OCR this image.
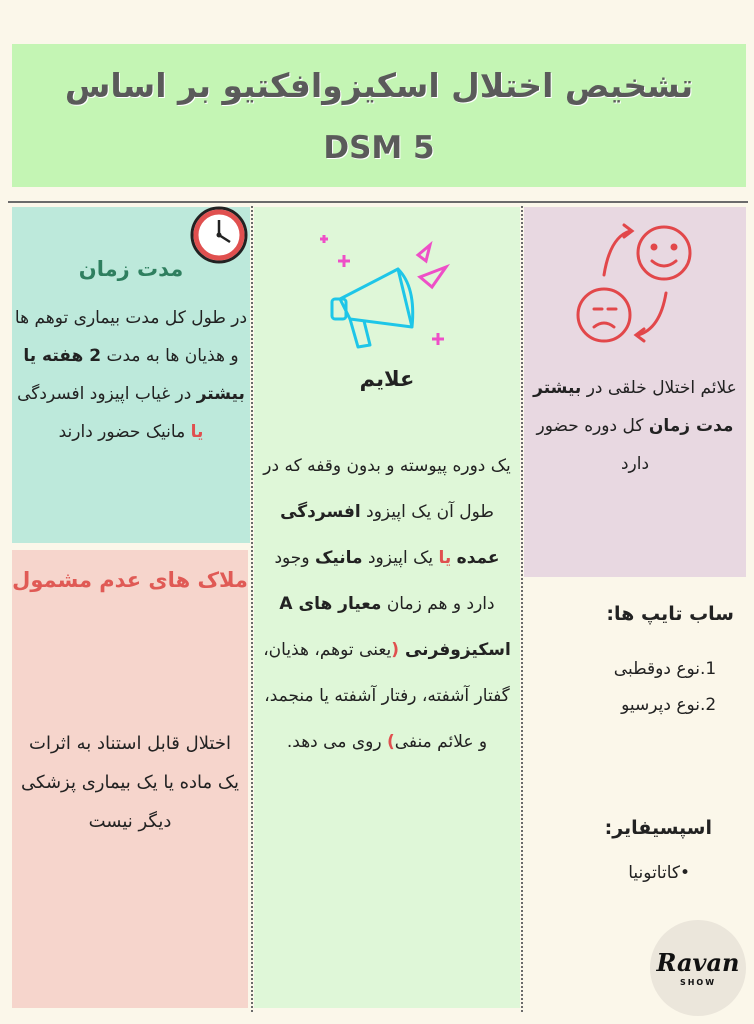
تشخیص اختلال اسکیزوافکتیو بر اساس
DSM 5
مدت زمان
در طول کل مدت بیماری توهم ها و هذیان ها به مدت 2 هفته یا بیشتر در غیاب اپیزود افسردگی یا مانیک حضور دارند
ملاک های عدم مشمول
اختلال قابل استناد به اثرات یک ماده یا یک بیماری پزشکی دیگر نیست
علایم
یک دوره پیوسته و بدون وقفه که در طول آن یک اپیزود افسردگی عمده یا یک اپیزود مانیک وجود دارد و هم زمان معیار های A اسکیزوفرنی (یعنی توهم، هذیان، گفتار آشفته، رفتار آشفته یا منجمد، و علائم منفی) روی می دهد.
علائم اختلال خلقی در بیشتر مدت زمان کل دوره حضور دارد
ساب تایپ ها:
1.نوع دوقطبی
2.نوع دپرسیو
اسپسیفایر:
•کاتاتونیا
Ravan
SHOW
